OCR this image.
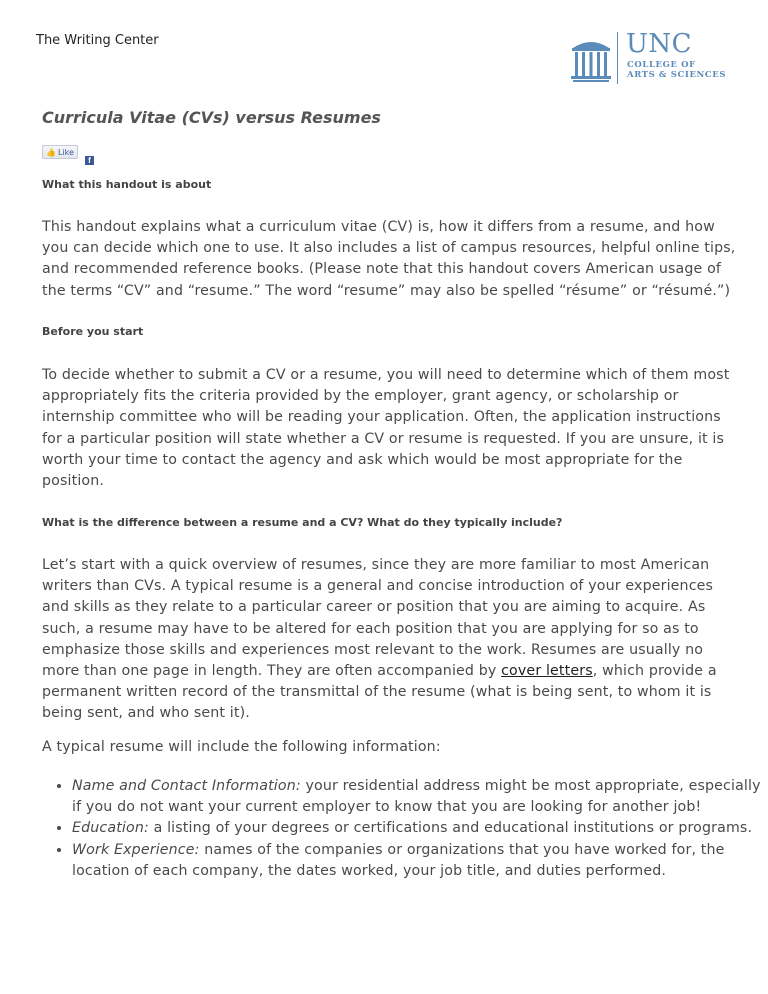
The Writing Center	UNC
COLLEGE OF
ARTS & SCIENCES
Curricula Vitae (CVs) versus Resumes
👍 Like
f
What this handout is about

This handout explains what a curriculum vitae (CV) is, how it differs from a resume, and how you can decide which one to use. It also includes a list of campus resources, helpful online tips, and recommended reference books. (Please note that this handout covers American usage of the terms “CV” and “resume.” The word “resume” may also be spelled “résume” or “résumé.”)

Before you start

To decide whether to submit a CV or a resume, you will need to determine which of them most appropriately fits the criteria provided by the employer, grant agency, or scholarship or internship committee who will be reading your application. Often, the application instructions for a particular position will state whether a CV or resume is requested. If you are unsure, it is worth your time to contact the agency and ask which would be most appropriate for the position.

What is the difference between a resume and a CV? What do they typically include?

Let’s start with a quick overview of resumes, since they are more familiar to most American writers than CVs. A typical resume is a general and concise introduction of your experiences and skills as they relate to a particular career or position that you are aiming to acquire. As such, a resume may have to be altered for each position that you are applying for so as to emphasize those skills and experiences most relevant to the work. Resumes are usually no more than one page in length. They are often accompanied by cover letters, which provide a permanent written record of the transmittal of the resume (what is being sent, to whom it is being sent, and who sent it).

A typical resume will include the following information:

• Name and Contact Information: your residential address might be most appropriate, especially if you do not want your current employer to know that you are looking for another job!
• Education: a listing of your degrees or certifications and educational institutions or programs.
• Work Experience: names of the companies or organizations that you have worked for, the location of each company, the dates worked, your job title, and duties performed.
